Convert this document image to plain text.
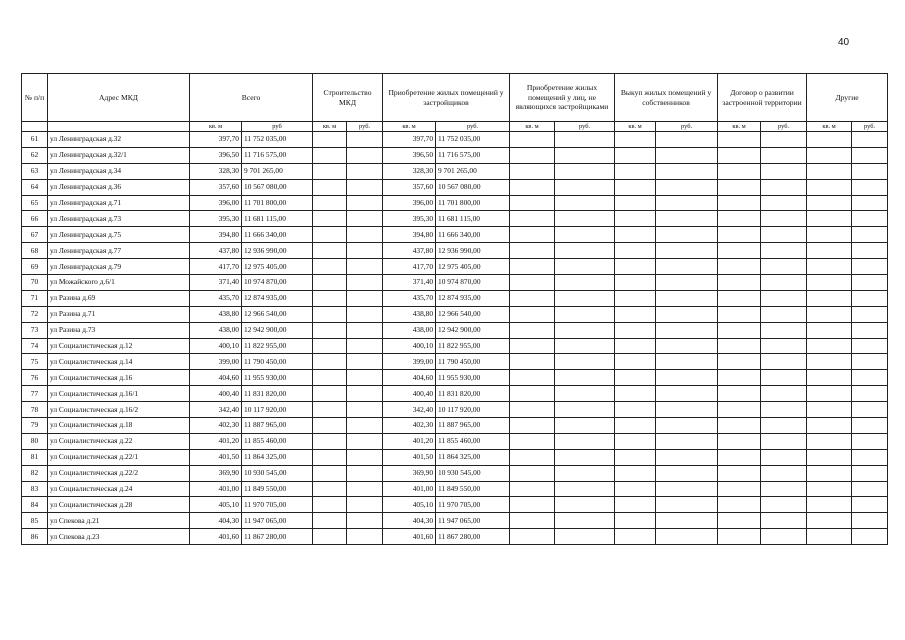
40
№ п/п	Адрес МКД	Всего		Строительство МКД		Приобретение жилых помещений у застройщиков		Приобретение жилых помещений у лиц, не являющихся застройщиками		Выкуп жилых помещений у собственников		Договор о развитии застроенной территории		Другие	
		кв. м	руб	кв. м	руб.	кв. м	руб.	кв. м	руб.	кв. м	руб.	кв. м	руб.	кв. м	руб.
61	ул Ленинградская д.32	397,70	11 752 035,00			397,70	11 752 035,00								
62	ул Ленинградская д.32/1	396,50	11 716 575,00			396,50	11 716 575,00								
63	ул Ленинградская д.34	328,30	9 701 265,00			328,30	9 701 265,00								
64	ул Ленинградская д.36	357,60	10 567 080,00			357,60	10 567 080,00								
65	ул Ленинградская д.71	396,00	11 701 800,00			396,00	11 701 800,00								
66	ул Ленинградская д.73	395,30	11 681 115,00			395,30	11 681 115,00								
67	ул Ленинградская д.75	394,80	11 666 340,00			394,80	11 666 340,00								
68	ул Ленинградская д.77	437,80	12 936 990,00			437,80	12 936 990,00								
69	ул Ленинградская д.79	417,70	12 975 405,00			417,70	12 975 405,00								
70	ул Можайского д.6/1	371,40	10 974 870,00			371,40	10 974 870,00								
71	ул Разина д.69	435,70	12 874 935,00			435,70	12 874 935,00								
72	ул Разина д.71	438,80	12 966 540,00			438,80	12 966 540,00								
73	ул Разина д.73	438,00	12 942 900,00			438,00	12 942 900,00								
74	ул Социалистическая д.12	400,10	11 822 955,00			400,10	11 822 955,00								
75	ул Социалистическая д.14	399,00	11 790 450,00			399,00	11 790 450,00								
76	ул Социалистическая д.16	404,60	11 955 930,00			404,60	11 955 930,00								
77	ул Социалистическая д.16/1	400,40	11 831 820,00			400,40	11 831 820,00								
78	ул Социалистическая д.16/2	342,40	10 117 920,00			342,40	10 117 920,00								
79	ул Социалистическая д.18	402,30	11 887 965,00			402,30	11 887 965,00								
80	ул Социалистическая д.22	401,20	11 855 460,00			401,20	11 855 460,00								
81	ул Социалистическая д.22/1	401,50	11 864 325,00			401,50	11 864 325,00								
82	ул Социалистическая д.22/2	369,90	10 930 545,00			369,90	10 930 545,00								
83	ул Социалистическая д.24	401,00	11 849 550,00			401,00	11 849 550,00								
84	ул Социалистическая д.28	405,10	11 970 705,00			405,10	11 970 705,00								
85	ул Спекова д.21	404,30	11 947 065,00			404,30	11 947 065,00								
86	ул Спекова д.23	401,60	11 867 280,00			401,60	11 867 280,00								
